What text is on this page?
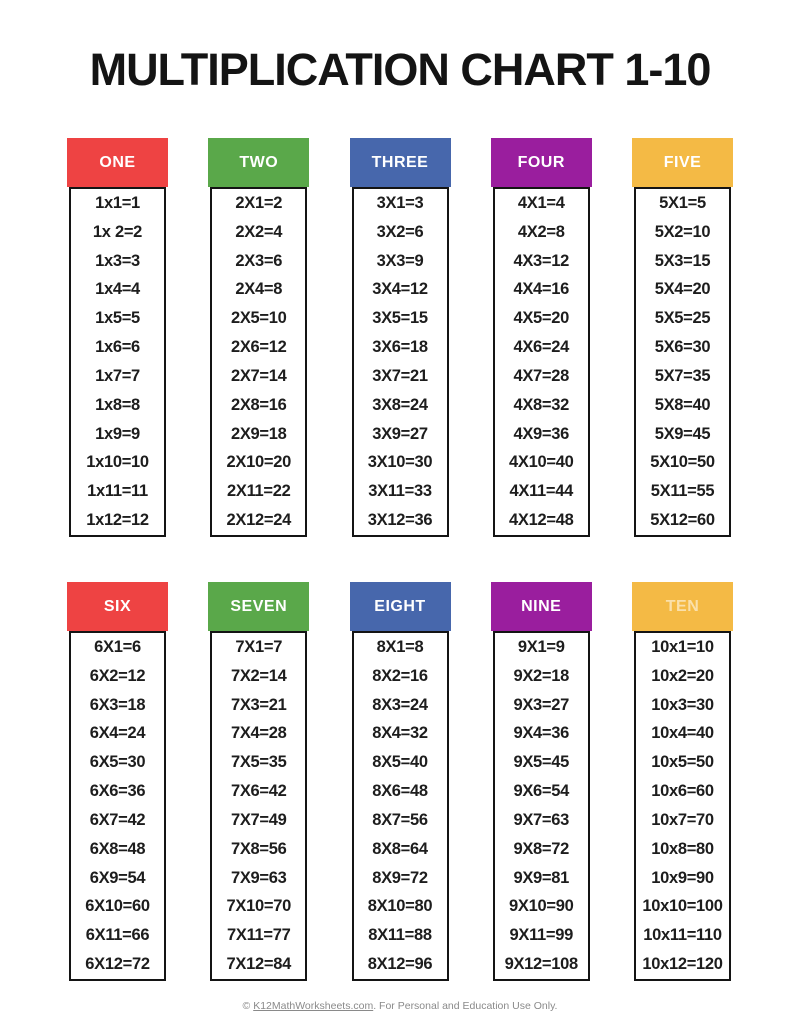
MULTIPLICATION CHART 1-10
ONE
1x1=1
1x 2=2
1x3=3
1x4=4
1x5=5
1x6=6
1x7=7
1x8=8
1x9=9
1x10=10
1x11=11
1x12=12
TWO
2X1=2
2X2=4
2X3=6
2X4=8
2X5=10
2X6=12
2X7=14
2X8=16
2X9=18
2X10=20
2X11=22
2X12=24
THREE
3X1=3
3X2=6
3X3=9
3X4=12
3X5=15
3X6=18
3X7=21
3X8=24
3X9=27
3X10=30
3X11=33
3X12=36
FOUR
4X1=4
4X2=8
4X3=12
4X4=16
4X5=20
4X6=24
4X7=28
4X8=32
4X9=36
4X10=40
4X11=44
4X12=48
FIVE
5X1=5
5X2=10
5X3=15
5X4=20
5X5=25
5X6=30
5X7=35
5X8=40
5X9=45
5X10=50
5X11=55
5X12=60
SIX
6X1=6
6X2=12
6X3=18
6X4=24
6X5=30
6X6=36
6X7=42
6X8=48
6X9=54
6X10=60
6X11=66
6X12=72
SEVEN
7X1=7
7X2=14
7X3=21
7X4=28
7X5=35
7X6=42
7X7=49
7X8=56
7X9=63
7X10=70
7X11=77
7X12=84
EIGHT
8X1=8
8X2=16
8X3=24
8X4=32
8X5=40
8X6=48
8X7=56
8X8=64
8X9=72
8X10=80
8X11=88
8X12=96
NINE
9X1=9
9X2=18
9X3=27
9X4=36
9X5=45
9X6=54
9X7=63
9X8=72
9X9=81
9X10=90
9X11=99
9X12=108
TEN
10x1=10
10x2=20
10x3=30
10x4=40
10x5=50
10x6=60
10x7=70
10x8=80
10x9=90
10x10=100
10x11=110
10x12=120
© K12MathWorksheets.com. For Personal and Education Use Only.
